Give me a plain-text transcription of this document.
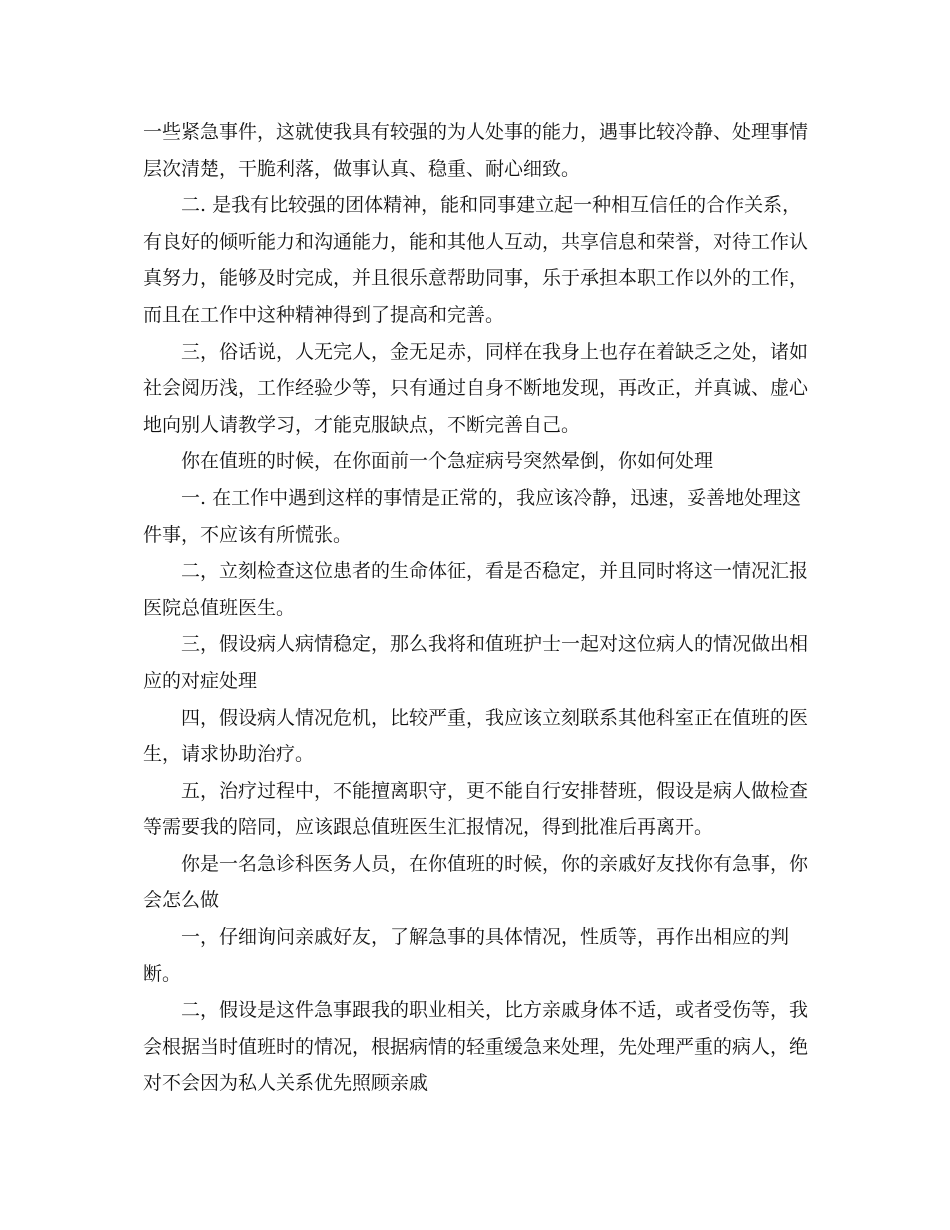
一些紧急事件，这就使我具有较强的为人处事的能力，遇事比较冷静、处理事情层次清楚，干脆利落，做事认真、稳重、耐心细致。

二. 是我有比较强的团体精神，能和同事建立起一种相互信任的合作关系，有良好的倾听能力和沟通能力，能和其他人互动，共享信息和荣誉，对待工作认真努力，能够及时完成，并且很乐意帮助同事，乐于承担本职工作以外的工作，而且在工作中这种精神得到了提高和完善。

三，俗话说，人无完人，金无足赤，同样在我身上也存在着缺乏之处，诸如社会阅历浅，工作经验少等，只有通过自身不断地发现，再改正，并真诚、虚心地向别人请教学习，才能克服缺点，不断完善自己。

你在值班的时候，在你面前一个急症病号突然晕倒，你如何处理

一. 在工作中遇到这样的事情是正常的，我应该冷静，迅速，妥善地处理这件事，不应该有所慌张。

二，立刻检查这位患者的生命体征，看是否稳定，并且同时将这一情况汇报医院总值班医生。

三，假设病人病情稳定，那么我将和值班护士一起对这位病人的情况做出相应的对症处理

四，假设病人情况危机，比较严重，我应该立刻联系其他科室正在值班的医生，请求协助治疗。

五，治疗过程中，不能擅离职守，更不能自行安排替班，假设是病人做检查等需要我的陪同，应该跟总值班医生汇报情况，得到批准后再离开。

你是一名急诊科医务人员，在你值班的时候，你的亲戚好友找你有急事，你会怎么做

一，仔细询问亲戚好友，了解急事的具体情况，性质等，再作出相应的判断。

二，假设是这件急事跟我的职业相关，比方亲戚身体不适，或者受伤等，我会根据当时值班时的情况，根据病情的轻重缓急来处理，先处理严重的病人，绝对不会因为私人关系优先照顾亲戚
